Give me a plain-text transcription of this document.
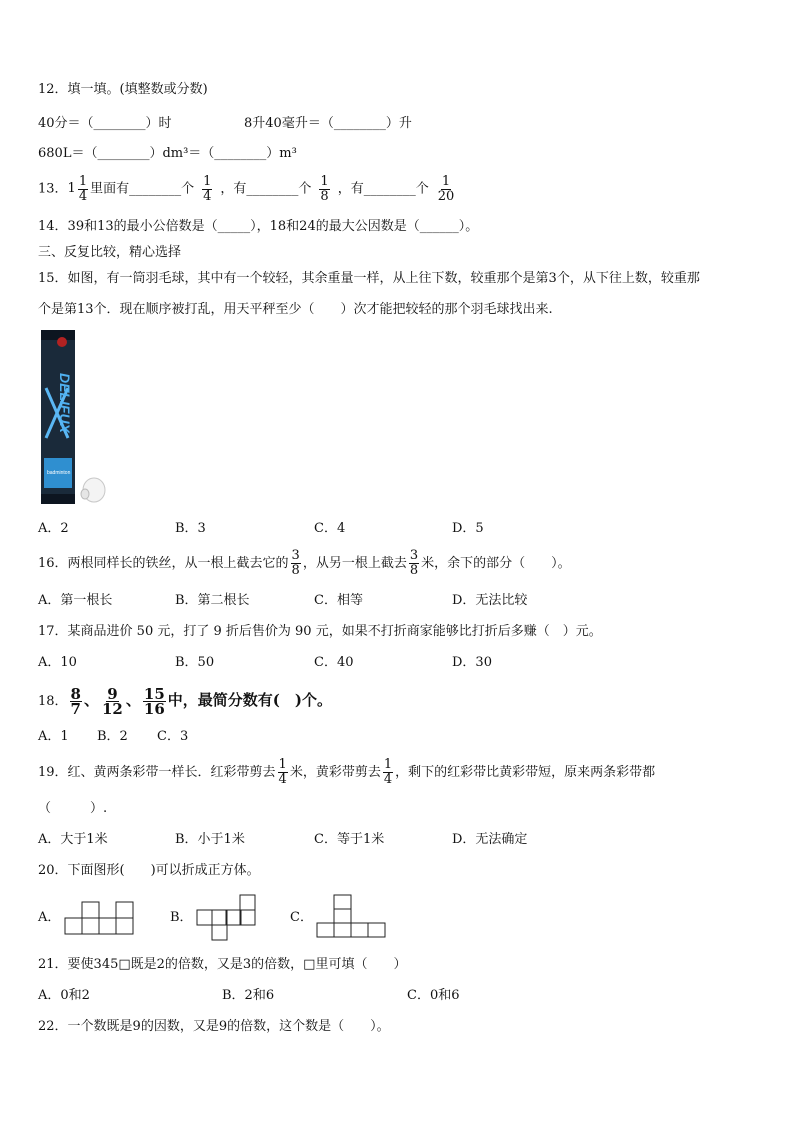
12．填一填。(填整数或分数)
40分＝（________）时	8升40毫升＝（________）升
680L＝（________）dm³＝（________）m³
13．$1 \frac{1}{4}$ 里面有________个 $\frac{1}{4}$ ，有________个 $\frac{1}{8}$ ，有________个 $\frac{1}{20}$
14．39和13的最小公倍数是（_____），18和24的最大公因数是（______）。
三、反复比较，精心选择
15．如图，有一筒羽毛球，其中有一个较轻，其余重量一样，从上往下数，较重那个是第3个，从下往上数，较重那
个是第13个．现在顺序被打乱，用天平秤至少（　　）次才能把较轻的那个羽毛球找出来.
DELIFUX
badminton
A．2	B．3	C．4	D．5
16．两根同样长的铁丝，从一根上截去它的 $\frac{3}{8}$ ，从另一根上截去 $\frac{3}{8}$ 米，余下的部分（　　）。
A．第一根长	B．第二根长	C．相等	D．无法比较
17．某商品进价 50 元，打了 9 折后售价为 90 元，如果不打折商家能够比打折后多赚（　）元。
A．10	B．50	C．40	D．30
18． $\frac{8}{7}$ 、 $\frac{9}{12}$ 、 $\frac{15}{16}$ 中，最简分数有(　)个。
A．1 B．2 C．3
19．红、黄两条彩带一样长．红彩带剪去 $\frac{1}{4}$ 米，黄彩带剪去 $\frac{1}{4}$ ，剩下的红彩带比黄彩带短，原来两条彩带都
（　　　）.
A．大于1米	B．小于1米	C．等于1米	D．无法确定
20．下面图形(　　)可以折成正方体。
A．	B．	C．
21．要使345□既是2的倍数，又是3的倍数，□里可填（　　）
A．0和2	B．2和6	C．0和6
22．一个数既是9的因数，又是9的倍数，这个数是（　　）。
